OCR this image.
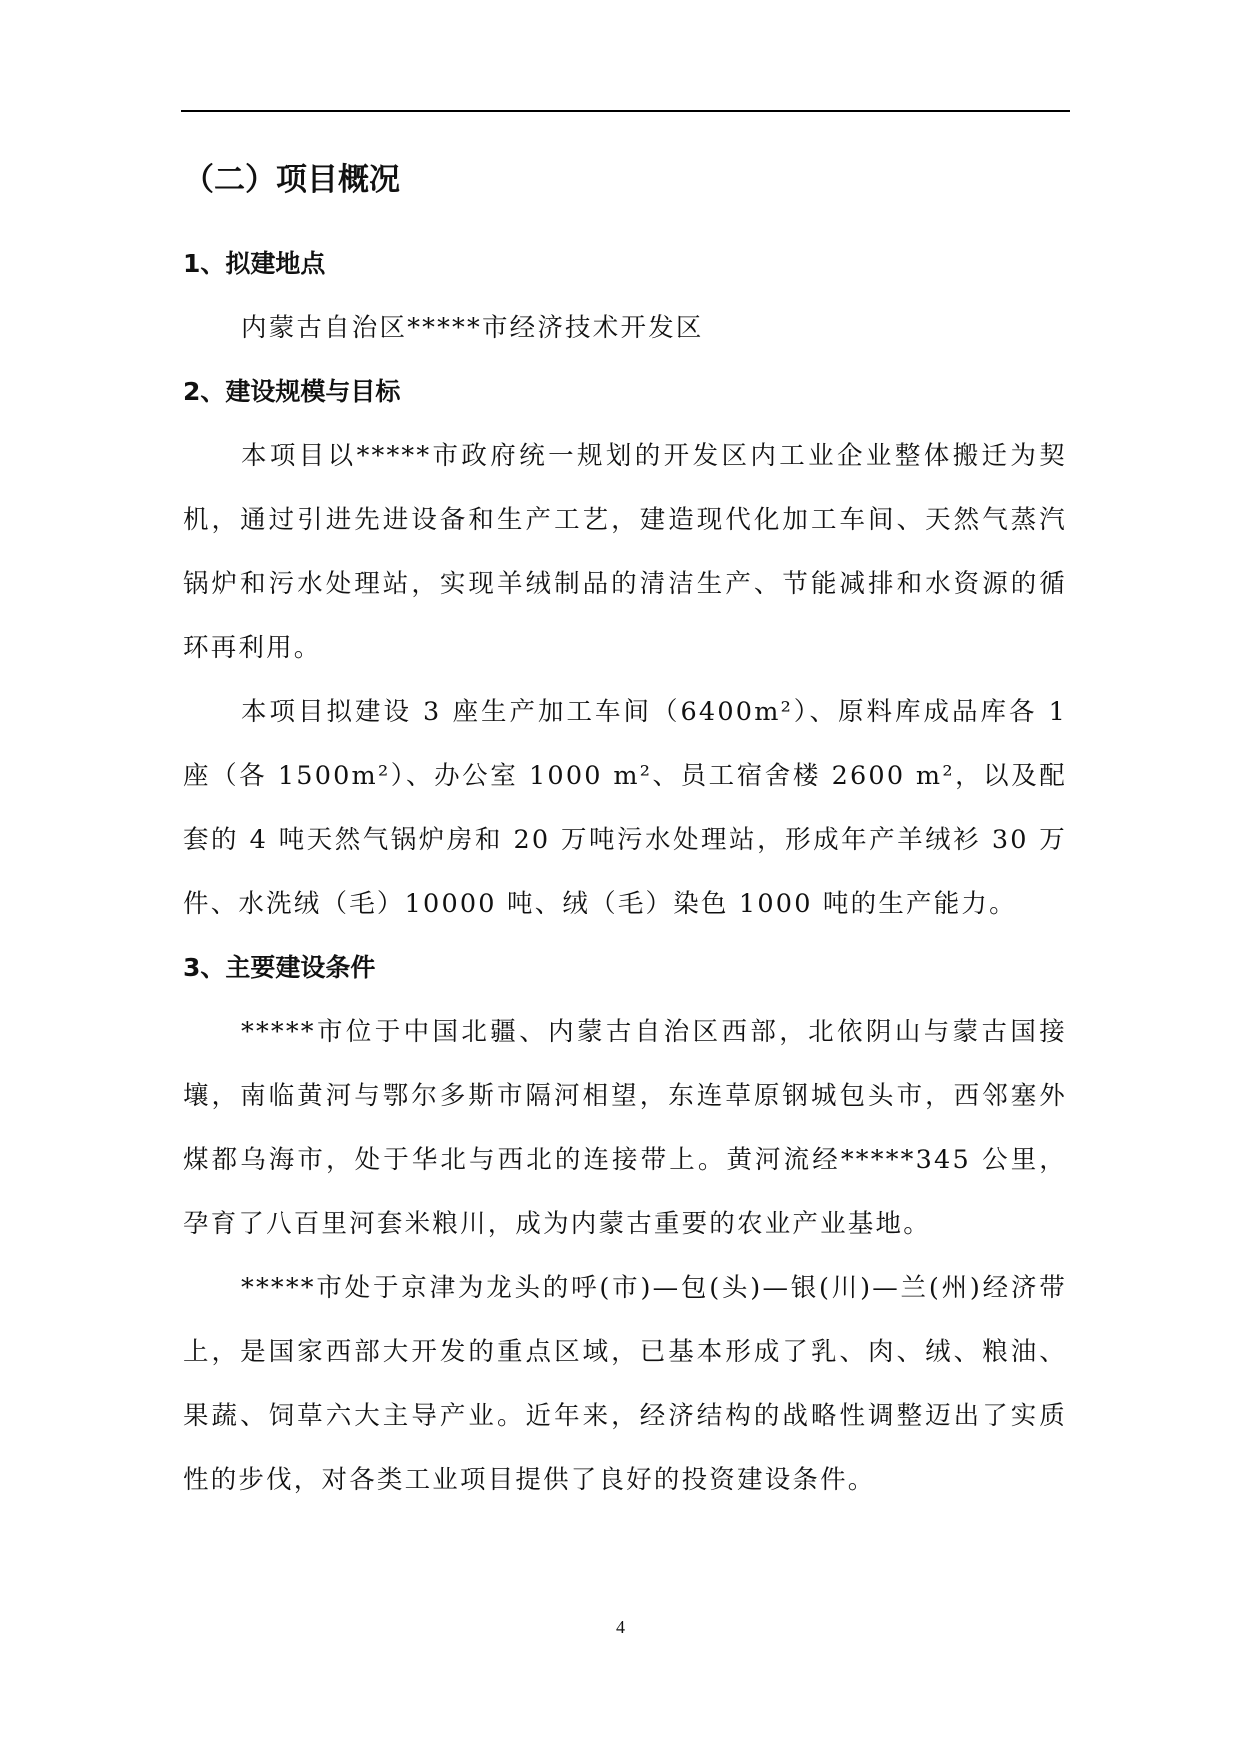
（二）项目概况
1、拟建地点

内蒙古自治区*****市经济技术开发区

2、建设规模与目标

本项目以*****市政府统一规划的开发区内工业企业整体搬迁为契机，通过引进先进设备和生产工艺，建造现代化加工车间、天然气蒸汽锅炉和污水处理站，实现羊绒制品的清洁生产、节能减排和水资源的循环再利用。

本项目拟建设 3 座生产加工车间（6400m²）、原料库成品库各 1 座（各 1500m²）、办公室 1000 m²、员工宿舍楼 2600 m²，以及配套的 4 吨天然气锅炉房和 20 万吨污水处理站，形成年产羊绒衫 30 万件、水洗绒（毛）10000 吨、绒（毛）染色 1000 吨的生产能力。

3、主要建设条件

*****市位于中国北疆、内蒙古自治区西部，北依阴山与蒙古国接壤，南临黄河与鄂尔多斯市隔河相望，东连草原钢城包头市，西邻塞外煤都乌海市，处于华北与西北的连接带上。黄河流经*****345 公里，孕育了八百里河套米粮川，成为内蒙古重要的农业产业基地。

*****市处于京津为龙头的呼(市)—包(头)—银(川)—兰(州)经济带上，是国家西部大开发的重点区域，已基本形成了乳、肉、绒、粮油、果蔬、饲草六大主导产业。近年来，经济结构的战略性调整迈出了实质性的步伐，对各类工业项目提供了良好的投资建设条件。

4
